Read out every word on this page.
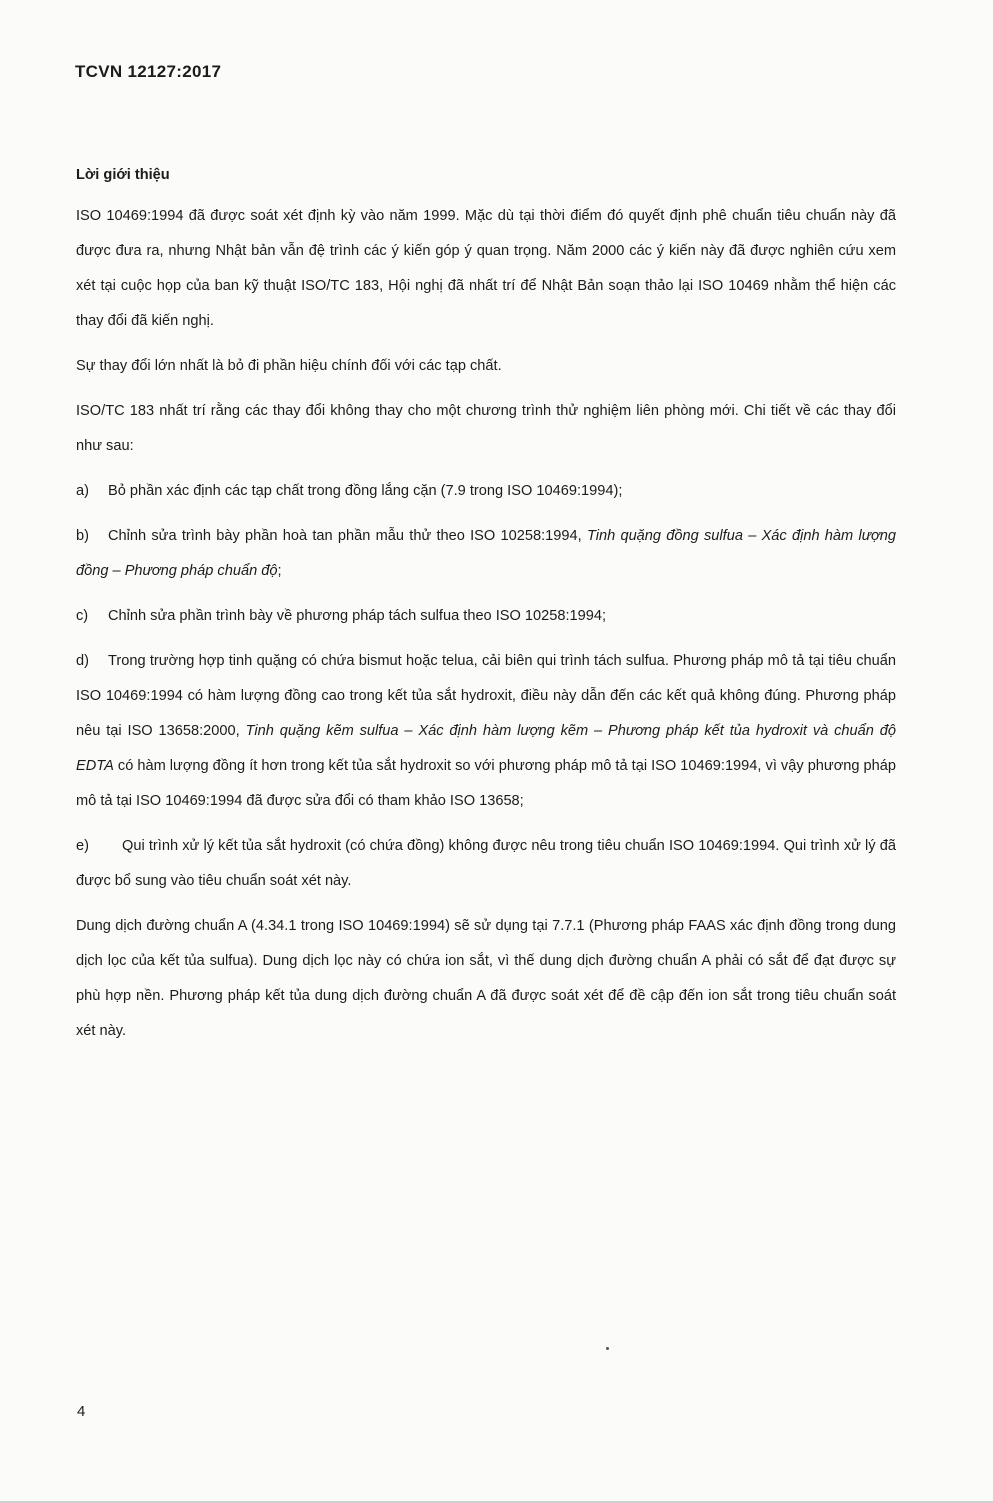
TCVN 12127:2017
Lời giới thiệu

ISO 10469:1994 đã được soát xét định kỳ vào năm 1999. Mặc dù tại thời điểm đó quyết định phê chuẩn tiêu chuẩn này đã được đưa ra, nhưng Nhật bản vẫn đệ trình các ý kiến góp ý quan trọng. Năm 2000 các ý kiến này đã được nghiên cứu xem xét tại cuộc họp của ban kỹ thuật ISO/TC 183, Hội nghị đã nhất trí để Nhật Bản soạn thảo lại ISO 10469 nhằm thể hiện các thay đổi đã kiến nghị.

Sự thay đổi lớn nhất là bỏ đi phần hiệu chính đối với các tạp chất.

ISO/TC 183 nhất trí rằng các thay đổi không thay cho một chương trình thử nghiệm liên phòng mới. Chi tiết về các thay đổi như sau:

a) Bỏ phần xác định các tạp chất trong đồng lắng cặn (7.9 trong ISO 10469:1994);

b) Chỉnh sửa trình bày phần hoà tan phần mẫu thử theo ISO 10258:1994, Tinh quặng đồng sulfua – Xác định hàm lượng đồng – Phương pháp chuẩn độ;

c) Chỉnh sửa phần trình bày về phương pháp tách sulfua theo ISO 10258:1994;

d) Trong trường hợp tinh quặng có chứa bismut hoặc telua, cải biên qui trình tách sulfua. Phương pháp mô tả tại tiêu chuẩn ISO 10469:1994 có hàm lượng đồng cao trong kết tủa sắt hydroxit, điều này dẫn đến các kết quả không đúng. Phương pháp nêu tại ISO 13658:2000, Tinh quặng kẽm sulfua – Xác định hàm lượng kẽm – Phương pháp kết tủa hydroxit và chuẩn độ EDTA có hàm lượng đồng ít hơn trong kết tủa sắt hydroxit so với phương pháp mô tả tại ISO 10469:1994, vì vậy phương pháp mô tả tại ISO 10469:1994 đã được sửa đổi có tham khảo ISO 13658;

e) Qui trình xử lý kết tủa sắt hydroxit (có chứa đồng) không được nêu trong tiêu chuẩn ISO 10469:1994. Qui trình xử lý đã được bổ sung vào tiêu chuẩn soát xét này.

Dung dịch đường chuẩn A (4.34.1 trong ISO 10469:1994) sẽ sử dụng tại 7.7.1 (Phương pháp FAAS xác định đồng trong dung dịch lọc của kết tủa sulfua). Dung dịch lọc này có chứa ion sắt, vì thế dung dịch đường chuẩn A phải có sắt để đạt được sự phù hợp nền. Phương pháp kết tủa dung dịch đường chuẩn A đã được soát xét để đề cập đến ion sắt trong tiêu chuẩn soát xét này.

4
